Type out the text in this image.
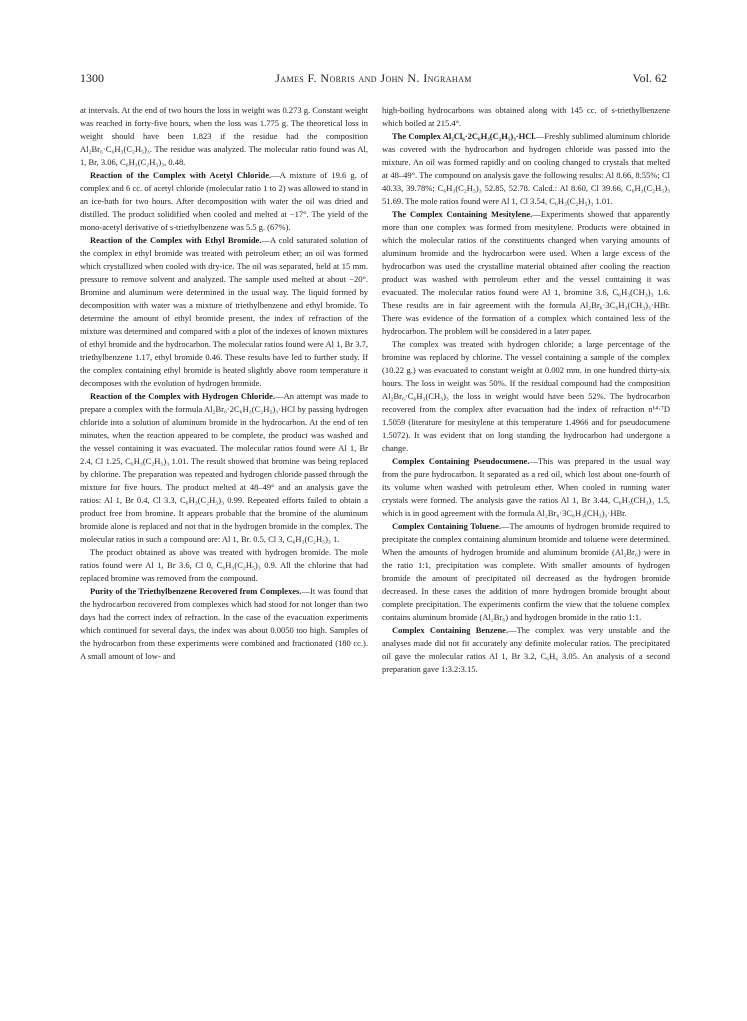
1300	James F. Norris and John N. Ingraham	Vol. 62

at intervals. At the end of two hours the loss in weight was 0.273 g. Constant weight was reached in forty-five hours, when the loss was 1.775 g. The theoretical loss in weight should have been 1.823 if the residue had the composition Al₂Br₆·C₆H₃(C₂H₅)₃. The residue was analyzed. The molecular ratio found was Al, 1, Br, 3.06, C₆H₃(C₂H₅)₃, 0.48.

Reaction of the Complex with Acetyl Chloride.—A mixture of 19.6 g. of complex and 6 cc. of acetyl chloride (molecular ratio 1 to 2) was allowed to stand in an ice-bath for two hours. After decomposition with water the oil was dried and distilled. The product solidified when cooled and melted at −17°. The yield of the mono-acetyl derivative of s-triethylbenzene was 5.5 g. (67%).

Reaction of the Complex with Ethyl Bromide.—A cold saturated solution of the complex in ethyl bromide was treated with petroleum ether; an oil was formed which crystallized when cooled with dry-ice. The oil was separated, held at 15 mm. pressure to remove solvent and analyzed. The sample used melted at about −20°. Bromine and aluminum were determined in the usual way. The liquid formed by decomposition with water was a mixture of triethylbenzene and ethyl bromide. To determine the amount of ethyl bromide present, the index of refraction of the mixture was determined and compared with a plot of the indexes of known mixtures of ethyl bromide and the hydrocarbon. The molecular ratios found were Al 1, Br 3.7, triethylbenzene 1.17, ethyl bromide 0.46. These results have led to further study. If the complex containing ethyl bromide is heated slightly above room temperature it decomposes with the evolution of hydrogen bromide.

Reaction of the Complex with Hydrogen Chloride.—An attempt was made to prepare a complex with the formula Al₂Br₆·2C₆H₃(C₂H₅)₃·HCl by passing hydrogen chloride into a solution of aluminum bromide in the hydrocarbon. At the end of ten minutes, when the reaction appeared to be complete, the product was washed and the vessel containing it was evacuated. The molecular ratios found were Al 1, Br 2.4, Cl 1.25, C₆H₃(C₂H₅)₃ 1.01. The result showed that bromine was being replaced by chlorine. The preparation was repeated and hydrogen chloride passed through the mixture for five hours. The product melted at 48–49° and an analysis gave the ratios: Al 1, Br 0.4, Cl 3.3, C₆H₃(C₂H₅)₃ 0.99. Repeated efforts failed to obtain a product free from bromine. It appears probable that the bromine of the aluminum bromide alone is replaced and not that in the hydrogen bromide in the complex. The molecular ratios in such a compound are: Al 1, Br. 0.5, Cl 3, C₆H₃(C₂H₅)₃ 1.

The product obtained as above was treated with hydrogen bromide. The mole ratios found were Al 1, Br 3.6, Cl 0, C₆H₃(C₂H₅)₃ 0.9. All the chlorine that had replaced bromine was removed from the compound.

Purity of the Triethylbenzene Recovered from Complexes.—It was found that the hydrocarbon recovered from complexes which had stood for not longer than two days had the correct index of refraction. In the case of the evacuation experiments which continued for several days, the index was about 0.0050 too high. Samples of the hydrocarbon from these experiments were combined and fractionated (180 cc.). A small amount of low- and

high-boiling hydrocarbons was obtained along with 145 cc. of s-triethylbenzene which boiled at 215.4°.

The Complex Al₂Cl₆·2C₆H₃(C₂H₅)₃·HCl.—Freshly sublimed aluminum chloride was covered with the hydrocarbon and hydrogen chloride was passed into the mixture. An oil was formed rapidly and on cooling changed to crystals that melted at 48–49°. The compound on analysis gave the following results: Al 8.66, 8.55%; Cl 40.33, 39.78%; C₆H₃(C₂H₅)₃ 52.85, 52.78. Calcd.: Al 8.60, Cl 39.66, C₆H₃(C₂H₅)₃ 51.69. The mole ratios found were Al 1, Cl 3.54, C₆H₃(C₂H₅)₃ 1.01.

The Complex Containing Mesitylene.—Experiments showed that apparently more than one complex was formed from mesitylene. Products were obtained in which the molecular ratios of the constituents changed when varying amounts of aluminum bromide and the hydrocarbon were used. When a large excess of the hydrocarbon was used the crystalline material obtained after cooling the reaction product was washed with petroleum ether and the vessel containing it was evacuated. The molecular ratios found were Al 1, bromine 3.6, C₆H₃(CH₃)₃ 1.6. These results are in fair agreement with the formula Al₂Br₆·3C₆H₃(CH₃)₃·HBr. There was evidence of the formation of a complex which contained less of the hydrocarbon. The problem will be considered in a later paper.

The complex was treated with hydrogen chloride; a large percentage of the bromine was replaced by chlorine. The vessel containing a sample of the complex (10.22 g.) was evacuated to constant weight at 0.002 mm. in one hundred thirty-six hours. The loss in weight was 50%. If the residual compound had the composition Al₂Br₆·C₆H₃(CH₃)₃ the loss in weight would have been 52%. The hydrocarbon recovered from the complex after evacuation had the index of refraction n¹⁴·⁷D 1.5059 (literature for mesitylene at this temperature 1.4966 and for pseudocumene 1.5072). It was evident that on long standing the hydrocarbon had undergone a change.

Complex Containing Pseudocumene.—This was prepared in the usual way from the pure hydrocarbon. It separated as a red oil, which lost about one-fourth of its volume when washed with petroleum ether. When cooled in running water crystals were formed. The analysis gave the ratios Al 1, Br 3.44, C₆H₃(CH₃)₃ 1.5, which is in good agreement with the formula Al₂Br₆·3C₆H₃(CH₃)₃·HBr.

Complex Containing Toluene.—The amounts of hydrogen bromide required to precipitate the complex containing aluminum bromide and toluene were determined. When the amounts of hydrogen bromide and aluminum bromide (Al₂Br₆) were in the ratio 1:1, precipitation was complete. With smaller amounts of hydrogen bromide the amount of precipitated oil decreased as the hydrogen bromide decreased. In these cases the addition of more hydrogen bromide brought about complete precipitation. The experiments confirm the view that the toluene complex contains aluminum bromide (Al₂Br₆) and hydrogen bromide in the ratio 1:1.

Complex Containing Benzene.—The complex was very unstable and the analyses made did not fit accurately any definite molecular ratios. The precipitated oil gave the molecular ratios Al 1, Br 3.2, C₆H₆ 3.05. An analysis of a second preparation gave 1:3.2:3.15.
